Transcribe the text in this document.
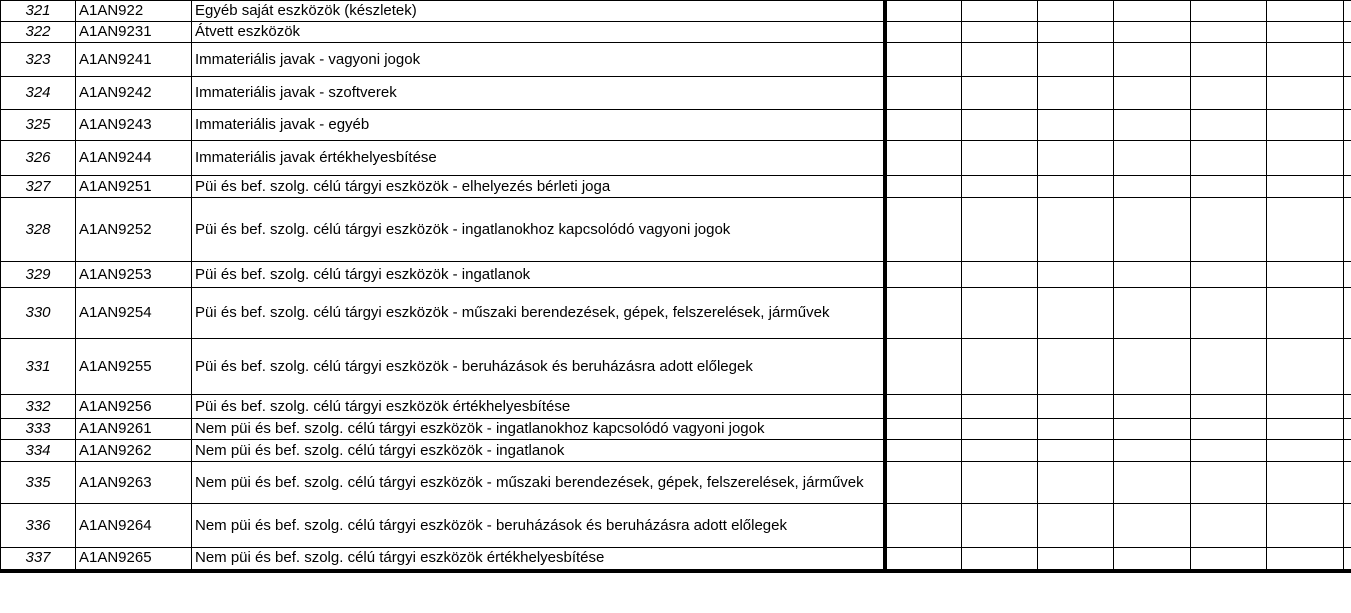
321	A1AN922	Egyéb saját eszközök (készletek)								
322	A1AN9231	Átvett eszközök								
323	A1AN9241	Immateriális javak - vagyoni jogok								
324	A1AN9242	Immateriális javak - szoftverek								
325	A1AN9243	Immateriális javak - egyéb								
326	A1AN9244	Immateriális javak értékhelyesbítése								
327	A1AN9251	Püi és bef. szolg. célú tárgyi eszközök - elhelyezés bérleti joga								
328	A1AN9252	Püi és bef. szolg. célú tárgyi eszközök - ingatlanokhoz kapcsolódó vagyoni jogok								
329	A1AN9253	Püi és bef. szolg. célú tárgyi eszközök - ingatlanok								
330	A1AN9254	Püi és bef. szolg. célú tárgyi eszközök - műszaki berendezések, gépek, felszerelések, járművek								
331	A1AN9255	Püi és bef. szolg. célú tárgyi eszközök - beruházások és beruházásra adott előlegek								
332	A1AN9256	Püi és bef. szolg. célú tárgyi eszközök értékhelyesbítése								
333	A1AN9261	Nem püi és bef. szolg. célú tárgyi eszközök - ingatlanokhoz kapcsolódó vagyoni jogok								
334	A1AN9262	Nem püi és bef. szolg. célú tárgyi eszközök - ingatlanok								
335	A1AN9263	Nem püi és bef. szolg. célú tárgyi eszközök - műszaki berendezések, gépek, felszerelések, járművek								
336	A1AN9264	Nem püi és bef. szolg. célú tárgyi eszközök - beruházások és beruházásra adott előlegek								
337	A1AN9265	Nem püi és bef. szolg. célú tárgyi eszközök értékhelyesbítése								
